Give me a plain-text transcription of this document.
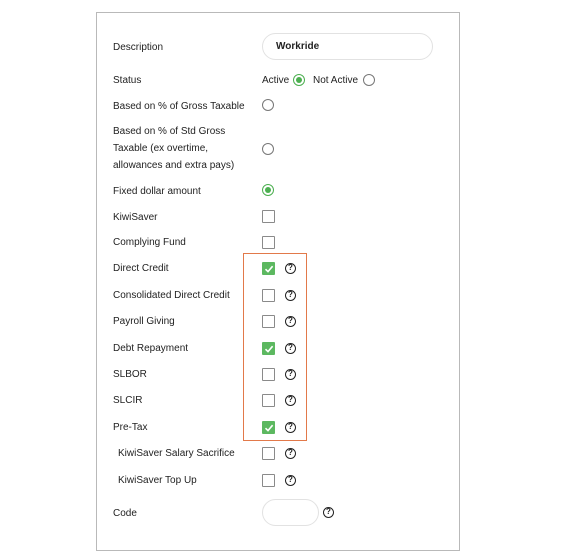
Description	Workride
Status	Active Not Active
Based on % of Gross Taxable
Based on % of Std Gross
Taxable (ex overtime,
allowances and extra pays)
Fixed dollar amount
KiwiSaver
Complying Fund
Direct Credit	?
Consolidated Direct Credit	?
Payroll Giving	?
Debt Repayment	?
SLBOR	?
SLCIR	?
Pre-Tax	?
KiwiSaver Salary Sacrifice	?
KiwiSaver Top Up	?
Code	?
